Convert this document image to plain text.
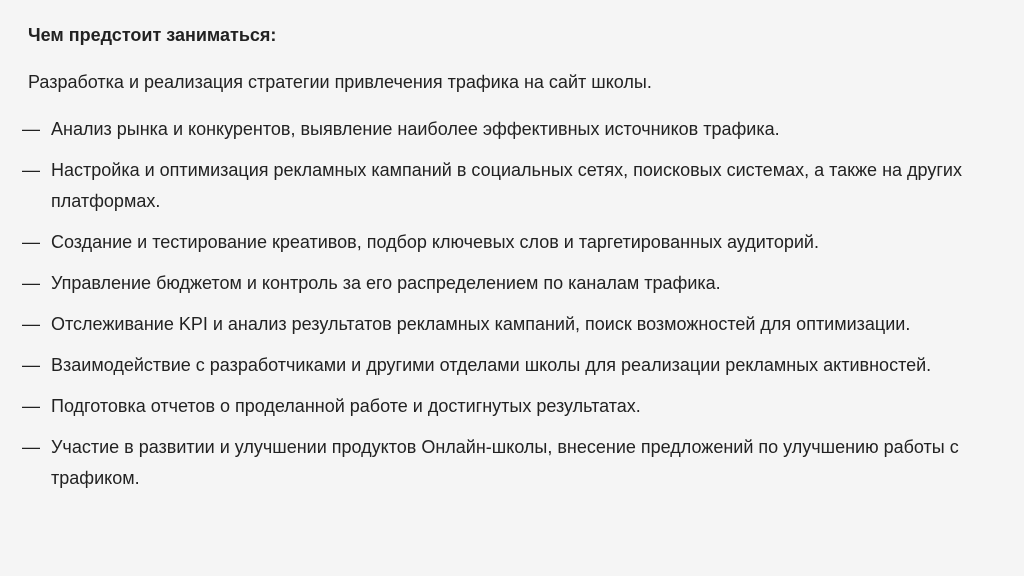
Чем предстоит заниматься:
Разработка и реализация стратегии привлечения трафика на сайт школы.
— Анализ рынка и конкурентов, выявление наиболее эффективных источников трафика.
— Настройка и оптимизация рекламных кампаний в социальных сетях, поисковых системах, а также на других платформах.
— Создание и тестирование креативов, подбор ключевых слов и таргетированных аудиторий.
— Управление бюджетом и контроль за его распределением по каналам трафика.
— Отслеживание KPI и анализ результатов рекламных кампаний, поиск возможностей для оптимизации.
— Взаимодействие с разработчиками и другими отделами школы для реализации рекламных активностей.
— Подготовка отчетов о проделанной работе и достигнутых результатах.
— Участие в развитии и улучшении продуктов Онлайн-школы, внесение предложений по улучшению работы с трафиком.
